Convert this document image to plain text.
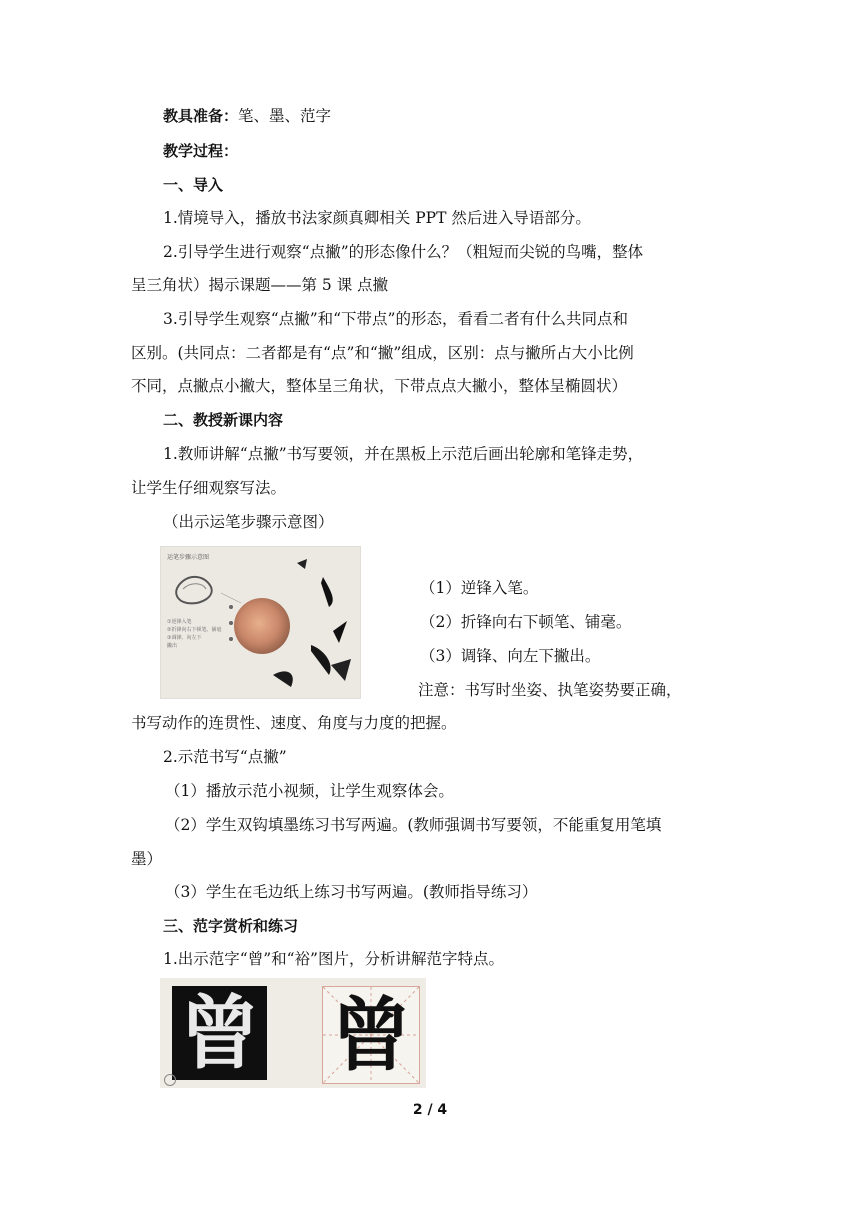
教具准备：笔、墨、范字
教学过程：
一、导入
1.情境导入，播放书法家颜真卿相关 PPT 然后进入导语部分。
2.引导学生进行观察“点撇”的形态像什么？（粗短而尖锐的鸟嘴，整体
呈三角状）揭示课题——第 5 课 点撇
3.引导学生观察“点撇”和“下带点”的形态，看看二者有什么共同点和
区别。(共同点：二者都是有“点”和“撇”组成，区别：点与撇所占大小比例
不同，点撇点小撇大，整体呈三角状，下带点点大撇小，整体呈椭圆状）
二、教授新课内容
1.教师讲解“点撇”书写要领，并在黑板上示范后画出轮廓和笔锋走势，
让学生仔细观察写法。
（出示运笔步骤示意图）
运笔步骤示意图
①逆锋入笔
②折锋向右下顿笔、铺毫
③调锋、向左下
撇出
（1）逆锋入笔。
（2）折锋向右下顿笔、铺毫。
（3）调锋、向左下撇出。
注意：书写时坐姿、执笔姿势要正确，
书写动作的连贯性、速度、角度与力度的把握。
2.示范书写“点撇”
（1）播放示范小视频，让学生观察体会。
（2）学生双钩填墨练习书写两遍。(教师强调书写要领，不能重复用笔填
墨）
（3）学生在毛边纸上练习书写两遍。(教师指导练习）
三、范字赏析和练习
1.出示范字“曾”和“裕”图片，分析讲解范字特点。
曾 曾
2 / 4
